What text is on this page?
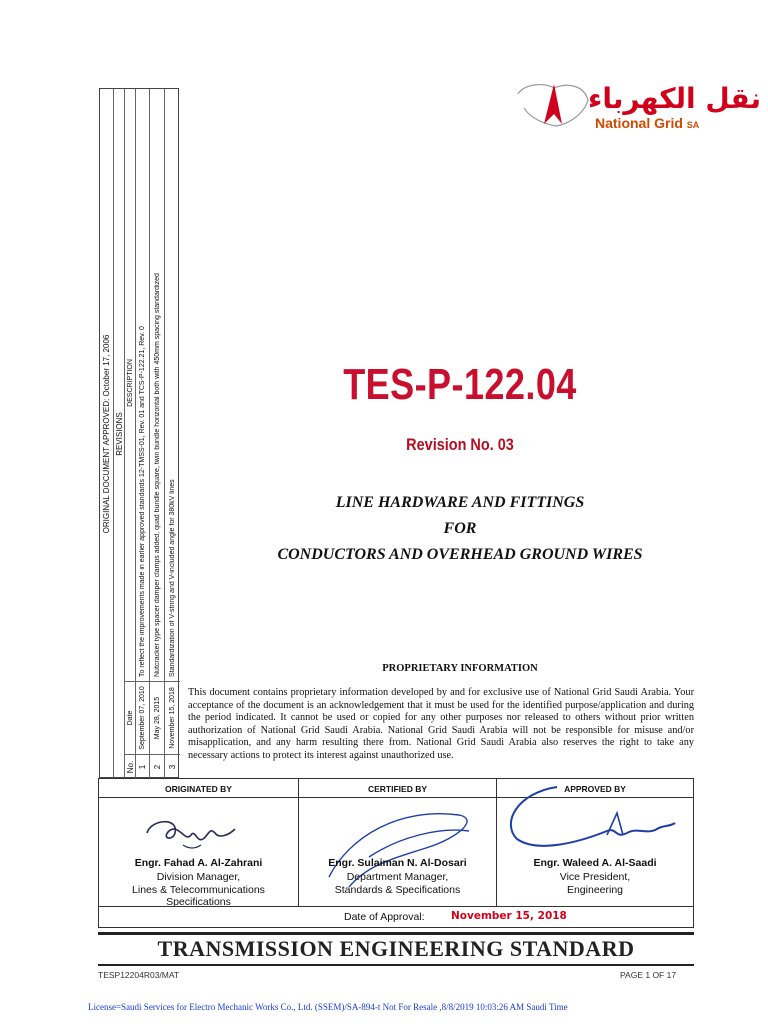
ORIGINAL DOCUMENT APPROVED: October 17, 2006 REVISIONS
No.
Date
DESCRIPTION
1
September 07, 2010
To reflect the improvements made in earlier approved standards 12-TMSS-01, Rev. 01 and TCS-P-122.21, Rev. 0
2
May 28, 2015
Nutcracker type spacer damper clamps added, quad bundle square, twin bundle horizontal both with 450mm spacing standardized
3
November 15, 2018
Standardization of V-string and V-included angle for 380kV lines
نقل الكهرباء
National Grid SA
TES-P-122.04
Revision No. 03
LINE HARDWARE AND FITTINGS
FOR
CONDUCTORS AND OVERHEAD GROUND WIRES
PROPRIETARY INFORMATION
This document contains proprietary information developed by and for exclusive use of National Grid Saudi Arabia. Your acceptance of the document is an acknowledgement that it must be used for the identified purpose/application and during the period indicated. It cannot be used or copied for any other purposes nor released to others without prior written authorization of National Grid Saudi Arabia. National Grid Saudi Arabia will not be responsible for misuse and/or misapplication, and any harm resulting there from. National Grid Saudi Arabia also reserves the right to take any necessary actions to protect its interest against unauthorized use.
ORIGINATED BY
Engr. Fahad A. Al-Zahrani
Division Manager,
Lines & Telecommunications
Specifications
CERTIFIED BY
Engr. Sulaiman N. Al-Dosari
Department Manager,
Standards & Specifications
APPROVED BY
Engr. Waleed A. Al-Saadi
Vice President,
Engineering
Date of Approval:	November 15, 2018
TRANSMISSION ENGINEERING STANDARD
TESP12204R03/MAT	PAGE 1 OF 17
License=Saudi Services for Electro Mechanic Works Co., Ltd. (SSEM)/SA-894-t Not For Resale ,8/8/2019 10:03:26 AM Saudi Time
